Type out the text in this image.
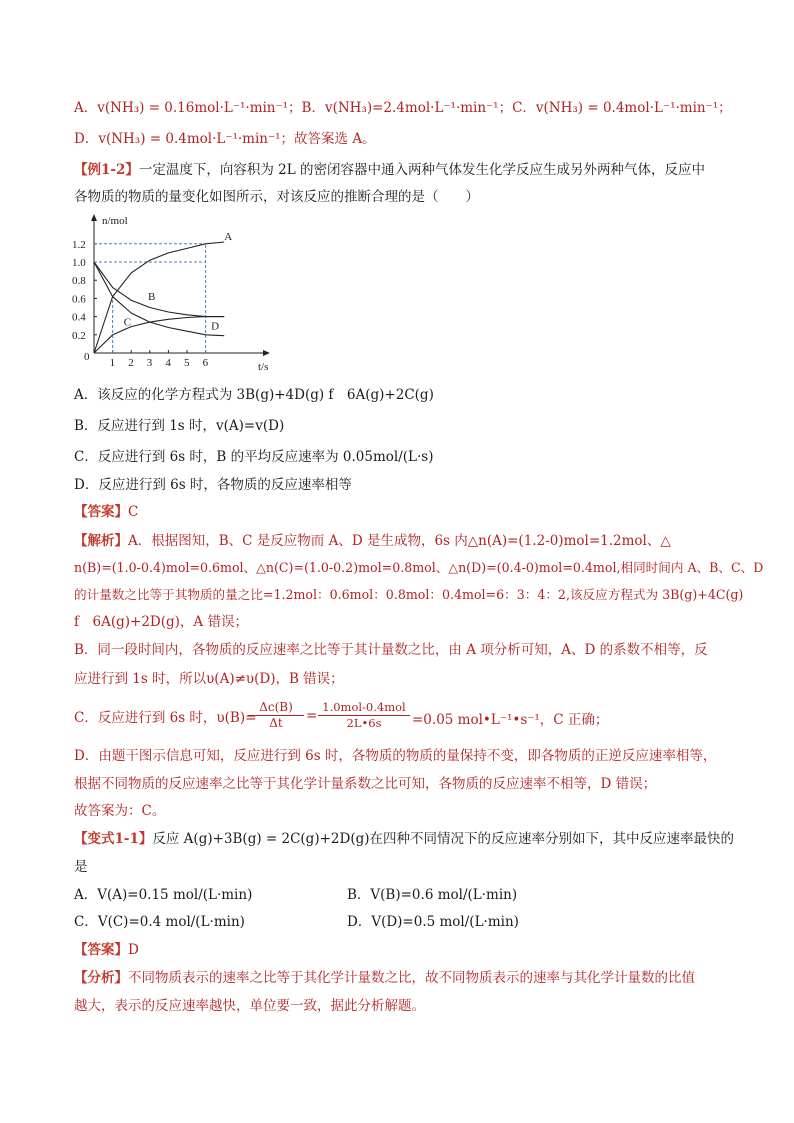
A．v(NH₃) = 0.16mol·L⁻¹·min⁻¹；B．v(NH₃)=2.4mol·L⁻¹·min⁻¹；C．v(NH₃) = 0.4mol·L⁻¹·min⁻¹；
D．v(NH₃) = 0.4mol·L⁻¹·min⁻¹；故答案选 A。
【例1-2】一定温度下，向容积为 2L 的密闭容器中通入两种气体发生化学反应生成另外两种气体，反应中
各物质的物质的量变化如图所示，对该反应的推断合理的是（　　）
n/mol
t/s
0 1 2 3 4 5 6
0.2
0.4
0.6
0.8
1.0
1.2
A
B
C	D
A．该反应的化学方程式为 3B(g)+4D(g) f　6A(g)+2C(g)
B．反应进行到 1s 时，v(A)=v(D)
C．反应进行到 6s 时，B 的平均反应速率为 0.05mol/(L·s)
D．反应进行到 6s 时，各物质的反应速率相等
【答案】C
【解析】A．根据图知，B、C 是反应物而 A、D 是生成物，6s 内△n(A)=(1.2-0)mol=1.2mol、△
n(B)=(1.0-0.4)mol=0.6mol、△n(C)=(1.0-0.2)mol=0.8mol、△n(D)=(0.4-0)mol=0.4mol,相同时间内 A、B、C、D
的计量数之比等于其物质的量之比=1.2mol：0.6mol：0.8mol：0.4mol=6：3：4：2,该反应方程式为 3B(g)+4C(g)
f　6A(g)+2D(g)，A 错误；
B．同一段时间内，各物质的反应速率之比等于其计量数之比，由 A 项分析可知，A、D 的系数不相等，反
应进行到 1s 时，所以υ(A)≠υ(D)，B 错误；
C．反应进行到 6s 时，υ(B)=
$\frac{\Delta c(B)}{\Delta t}$ =
1.0mol-0.4mol
2L•6s	=0.05 mol•L⁻¹•s⁻¹，C 正确；
D．由题干图示信息可知，反应进行到 6s 时，各物质的物质的量保持不变，即各物质的正逆反应速率相等，
根据不同物质的反应速率之比等于其化学计量系数之比可知，各物质的反应速率不相等，D 错误；
故答案为：C。
【变式1-1】反应 A(g)+3B(g) = 2C(g)+2D(g)在四种不同情况下的反应速率分别如下，其中反应速率最快的
是
A．V(A)=0.15 mol/(L·min)	B．V(B)=0.6 mol/(L·min)
C．V(C)=0.4 mol/(L·min)	D．V(D)=0.5 mol/(L·min)
【答案】D
【分析】不同物质表示的速率之比等于其化学计量数之比，故不同物质表示的速率与其化学计量数的比值
越大，表示的反应速率越快，单位要一致，据此分析解题。
